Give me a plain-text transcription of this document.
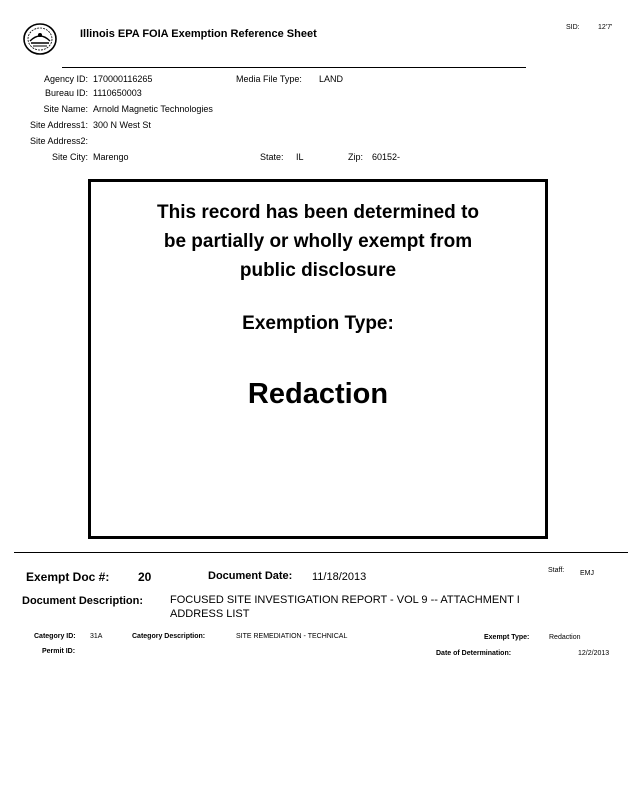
Illinois EPA FOIA Exemption Reference Sheet
SID:	12'7'
Agency ID: 170000116265	Media File Type: LAND
Bureau ID: 1110650003
Site Name: Arnold Magnetic Technologies
Site Address1: 300 N West St
Site Address2:
Site City: Marengo	State: IL	Zip: 60152-
This record has been determined to
be partially or wholly exempt from
public disclosure
Exemption Type:
Redaction
Exempt Doc #: 20	Document Date: 11/18/2013
Staff: EMJ
Document Description: FOCUSED SITE INVESTIGATION REPORT - VOL 9 -- ATTACHMENT I
ADDRESS LIST
Category ID: 31A	Category Description:	SITE REMEDIATION - TECHNICAL	Exempt Type:	Redaction
Permit ID:	Date of Determination:	12/2/2013
